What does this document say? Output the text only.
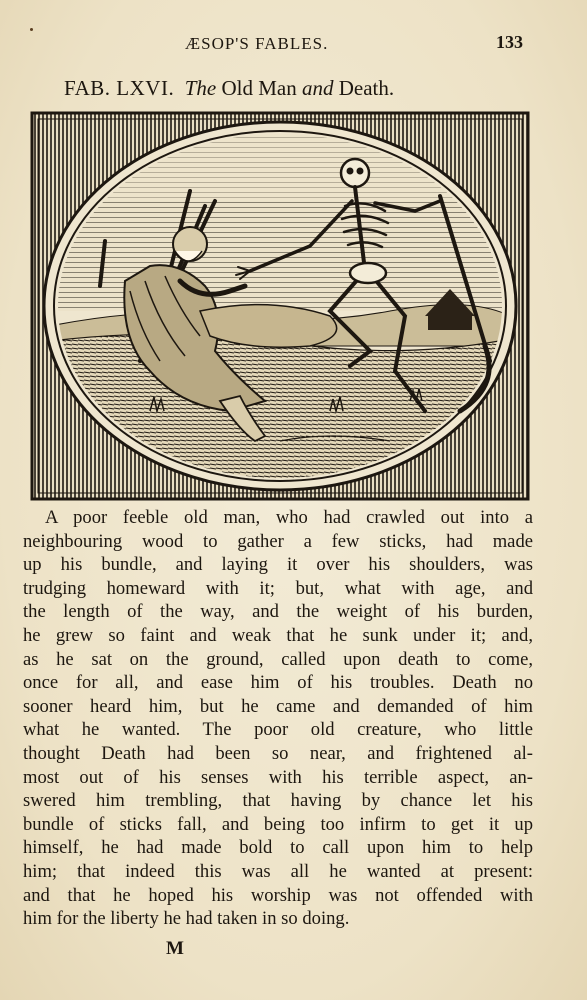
ÆSOP'S FABLES.	133
FAB. LXVI. The Old Man and Death.
A poor feeble old man, who had crawled out into a
neighbouring wood to gather a few sticks, had made
up his bundle, and laying it over his shoulders, was
trudging homeward with it; but, what with age, and
the length of the way, and the weight of his burden,
he grew so faint and weak that he sunk under it; and,
as he sat on the ground, called upon death to come,
once for all, and ease him of his troubles. Death no
sooner heard him, but he came and demanded of him
what he wanted. The poor old creature, who little
thought Death had been so near, and frightened al-
most out of his senses with his terrible aspect, an-
swered him trembling, that having by chance let his
bundle of sticks fall, and being too infirm to get it up
himself, he had made bold to call upon him to help
him; that indeed this was all he wanted at present:
and that he hoped his worship was not offended with
him for the liberty he had taken in so doing.
M
